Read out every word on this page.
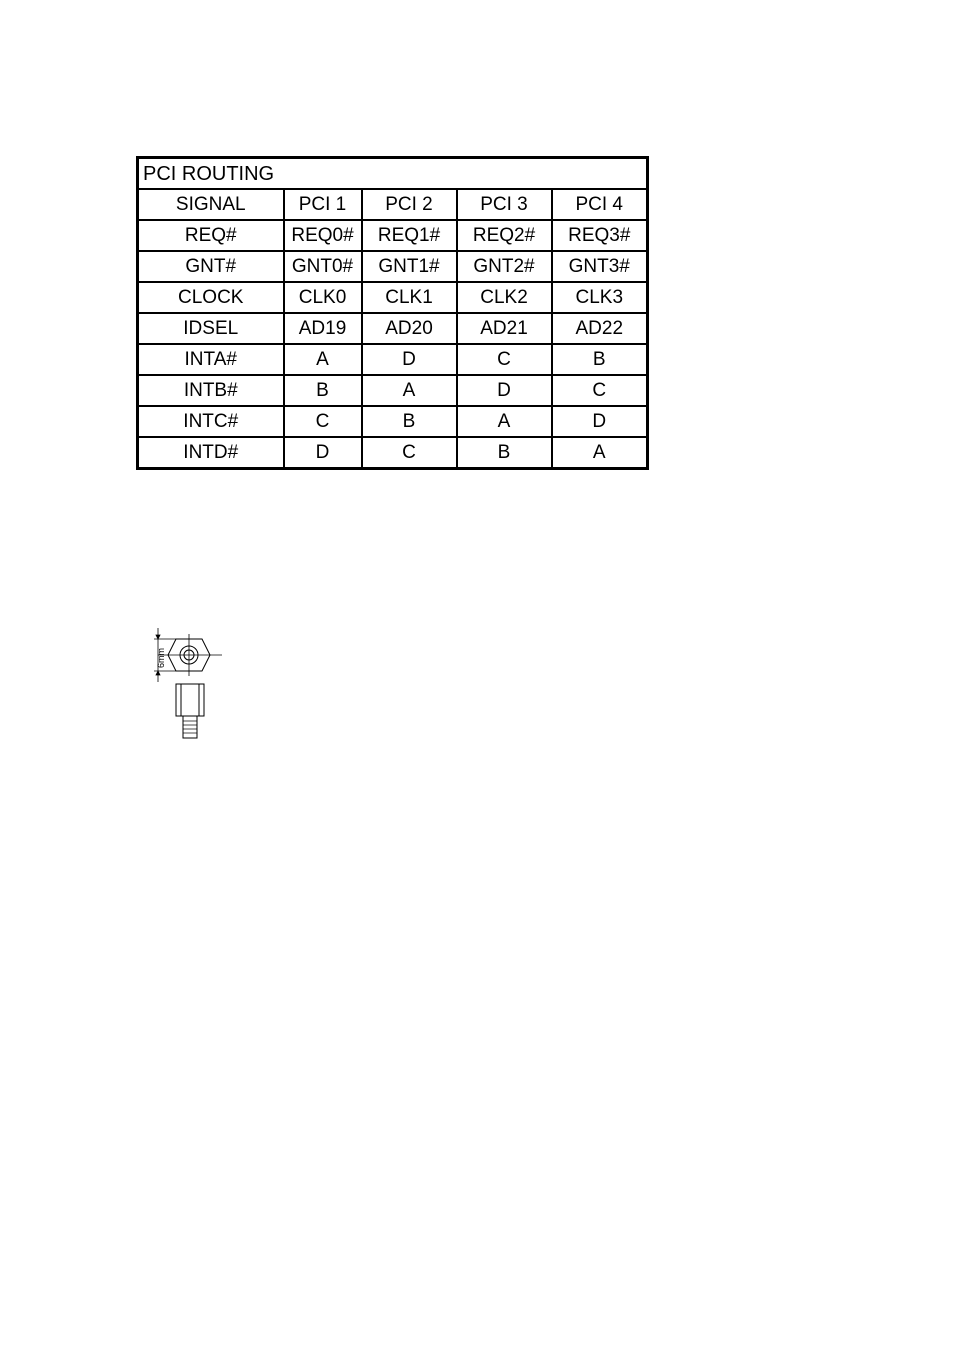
PCI ROUTING				
SIGNAL	PCI 1	PCI 2	PCI 3	PCI 4
REQ#	REQ0#	REQ1#	REQ2#	REQ3#
GNT#	GNT0#	GNT1#	GNT2#	GNT3#
CLOCK	CLK0	CLK1	CLK2	CLK3
IDSEL	AD19	AD20	AD21	AD22
INTA#	A	D	C	B
INTB#	B	A	D	C
INTC#	C	B	A	D
INTD#	D	C	B	A
6mm
